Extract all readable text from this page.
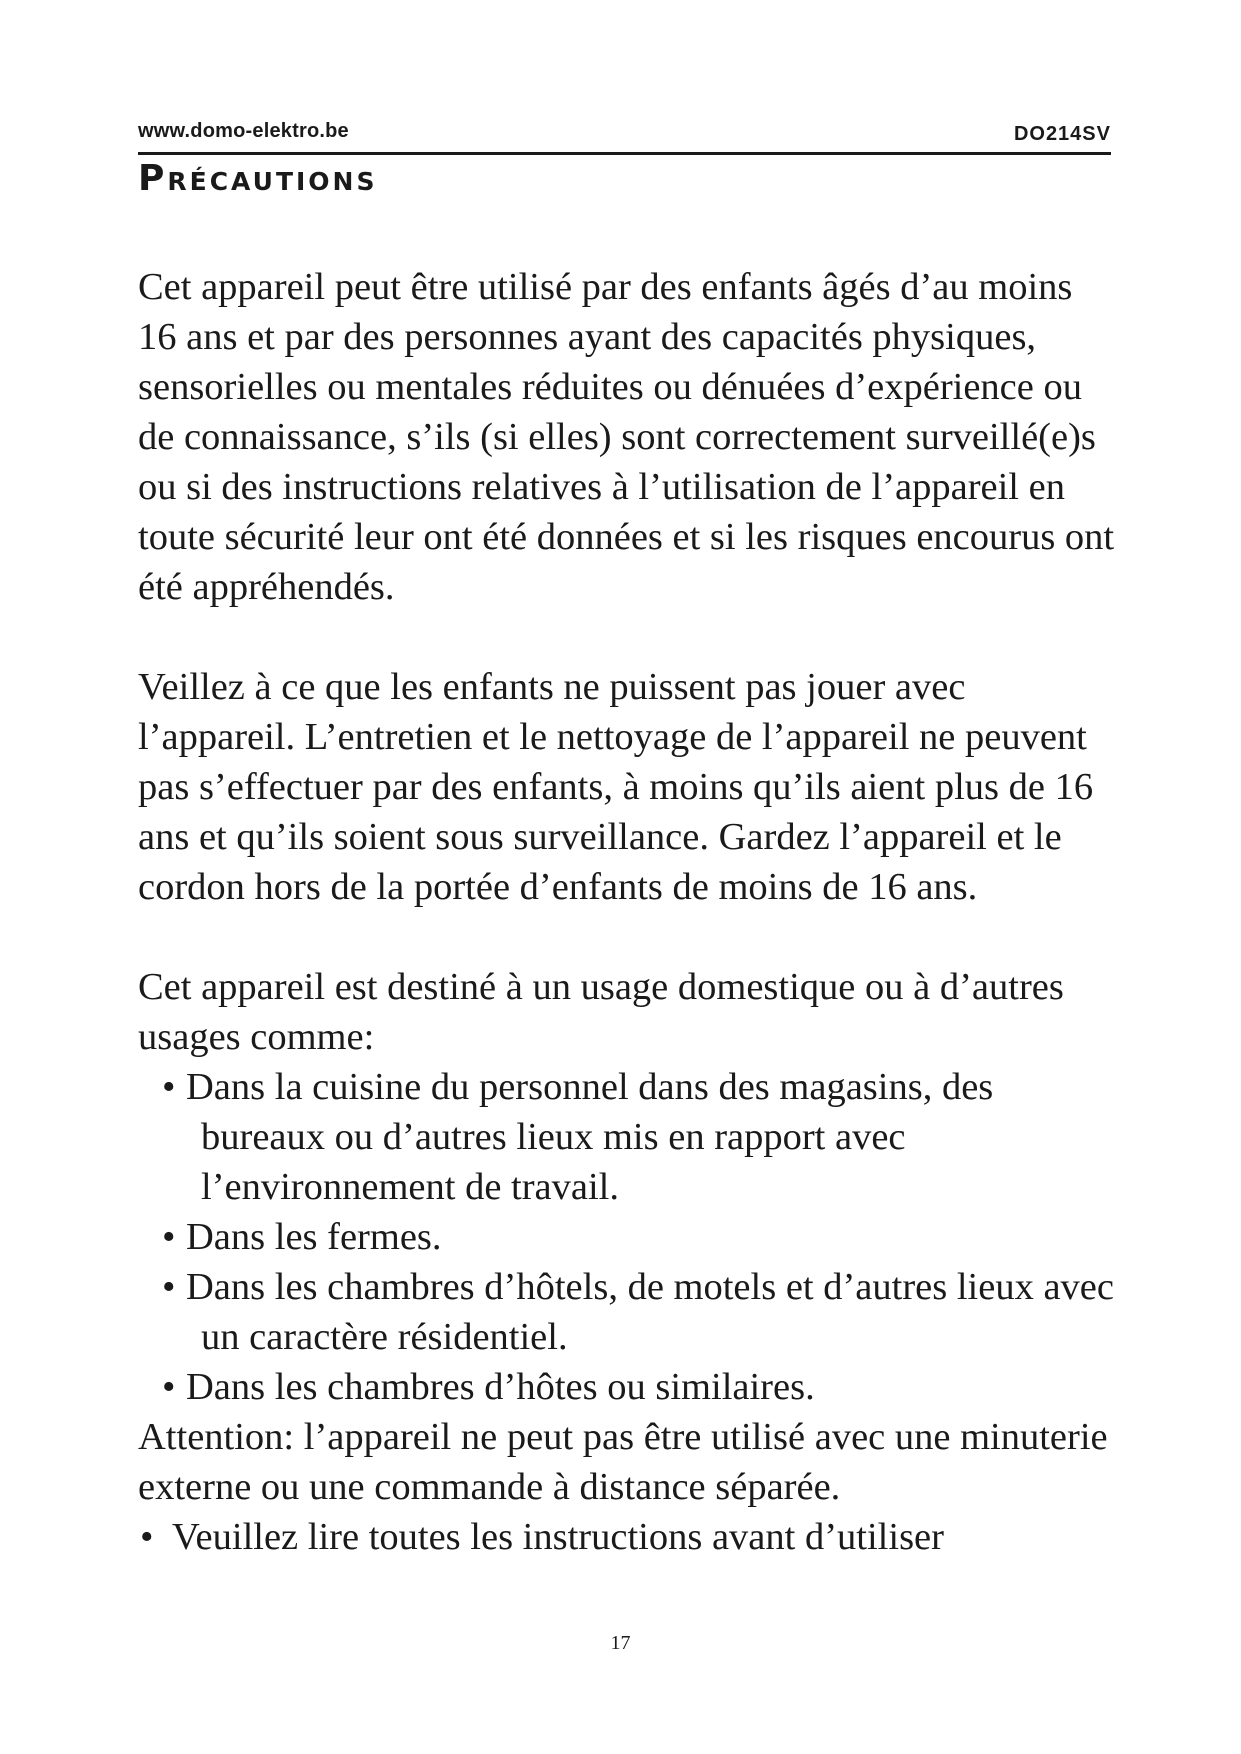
www.domo-elektro.be	DO214SV
Précautions

Cet appareil peut être utilisé par des enfants âgés d’au moins 16 ans et par des personnes ayant des capacités physiques, sensorielles ou mentales réduites ou dénuées d’expérience ou de connaissance, s’ils (si elles) sont correctement surveillé(e)s ou si des instructions relatives à l’utilisation de l’appareil en toute sécurité leur ont été données et si les risques encourus ont été appréhendés.

Veillez à ce que les enfants ne puissent pas jouer avec l’appareil. L’entretien et le nettoyage de l’appareil ne peuvent pas s’effectuer par des enfants, à moins qu’ils aient plus de 16 ans et qu’ils soient sous surveillance. Gardez l’appareil et le cordon hors de la portée d’enfants de moins de 16 ans.

Cet appareil est destiné à un usage domestique ou à d’autres usages comme:

• Dans la cuisine du personnel dans des magasins, des bureaux ou d’autres lieux mis en rapport avec l’environnement de travail.
• Dans les fermes.
• Dans les chambres d’hôtels, de motels et d’autres lieux avec un caractère résidentiel.
• Dans les chambres d’hôtes ou similaires.

Attention: l’appareil ne peut pas être utilisé avec une minuterie externe ou une commande à distance séparée.

• Veuillez lire toutes les instructions avant d’utiliser
17
